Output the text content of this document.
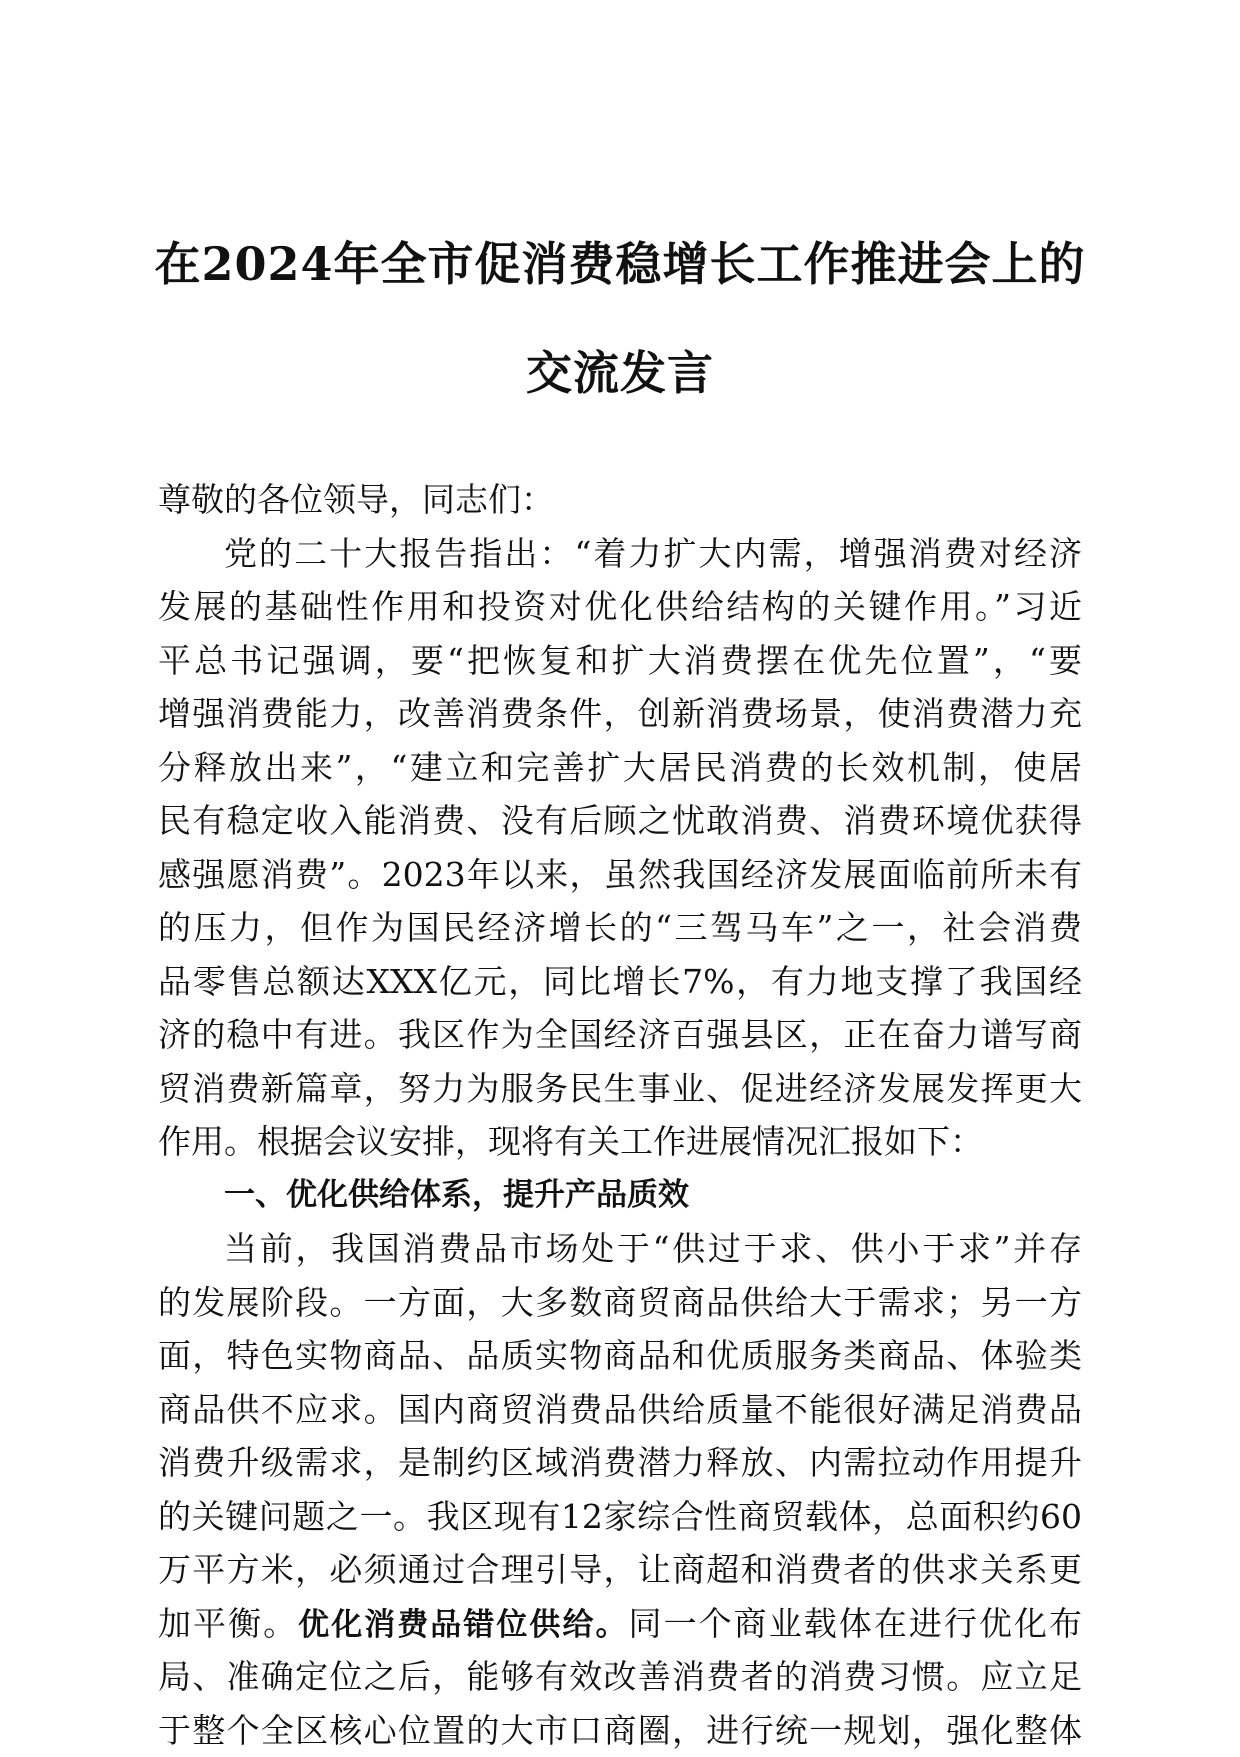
在2024年全市促消费稳增长工作推进会上的
交流发言
尊敬的各位领导，同志们：
党的二十大报告指出：“着力扩大内需，增强消费对经济
发展的基础性作用和投资对优化供给结构的关键作用。”习近
平总书记强调，要“把恢复和扩大消费摆在优先位置”，“要
增强消费能力，改善消费条件，创新消费场景，使消费潜力充
分释放出来”，“建立和完善扩大居民消费的长效机制，使居
民有稳定收入能消费、没有后顾之忧敢消费、消费环境优获得
感强愿消费”。2023年以来，虽然我国经济发展面临前所未有
的压力，但作为国民经济增长的“三驾马车”之一，社会消费
品零售总额达XXX亿元，同比增长7%，有力地支撑了我国经
济的稳中有进。我区作为全国经济百强县区，正在奋力谱写商
贸消费新篇章，努力为服务民生事业、促进经济发展发挥更大
作用。根据会议安排，现将有关工作进展情况汇报如下：
一、优化供给体系，提升产品质效
当前，我国消费品市场处于“供过于求、供小于求”并存
的发展阶段。一方面，大多数商贸商品供给大于需求；另一方
面，特色实物商品、品质实物商品和优质服务类商品、体验类
商品供不应求。国内商贸消费品供给质量不能很好满足消费品
消费升级需求，是制约区域消费潜力释放、内需拉动作用提升
的关键问题之一。我区现有12家综合性商贸载体，总面积约60
万平方米，必须通过合理引导，让商超和消费者的供求关系更
加平衡。优化消费品错位供给。同一个商业载体在进行优化布
局、准确定位之后，能够有效改善消费者的消费习惯。应立足
于整个全区核心位置的大市口商圈，进行统一规划，强化整体
